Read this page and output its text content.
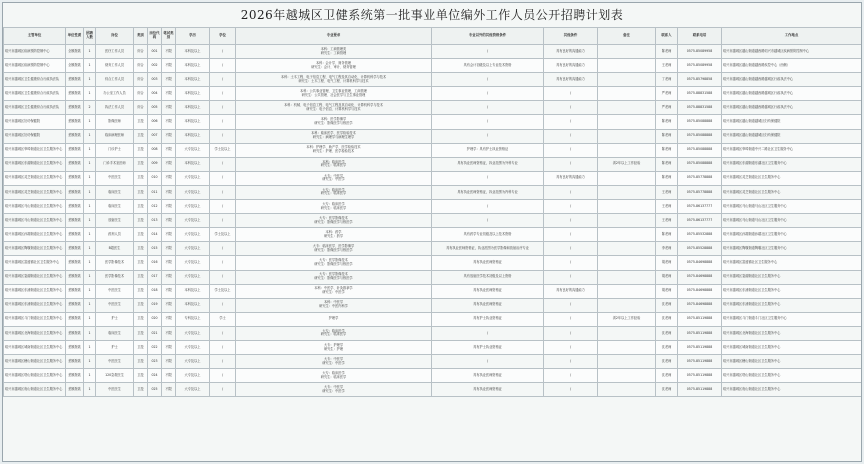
2026年越城区卫健系统第一批事业单位编外工作人员公开招聘计划表
主管单位	单位性质	招聘人数	岗位	类别	岗位代码	笔试类别	学历	学位	专业要求	专业以外的其他资格条件	其他条件	备注	联系人	联系电话	工作地点
绍兴市越城区疾病预防控制中心	全额拨款	1	医疗工作人员	综合	001	不限	本科及以上	/	本科：工商管理类
研究生：工商管理	/	具有良好的沟通能力		陈老师	0575-85089958	绍兴市越城区越山街道越西路绍兴市越城区疾病预防控制中心
绍兴市越城区疾病预防控制中心	全额拨款	1	财务工作人员	综合	002	不限	本科及以上	/	本科：会计学、财务管理
研究生：会计、审计、财务管理	具有会计初级及以上专业技术资格	具有良好的沟通能力		王老师	0575-85089958	绍兴市越城区越山街道越西路疾控中心（西侧）
绍兴市越城区卫生健康综合行政执法队	差额拨款	1	综合工作人员	综合	003	不限	本科及以上	/	本科：土木工程、电子信息工程、电气工程及其自动化、计算机科学与技术
研究生：土木工程、电气工程、计算机科学与技术	/	具有良好的沟通能力		丁老师	0575-85798858	绍兴市越城区越山街道越西路越城区行政执法中心
绍兴市越城区卫生健康综合行政执法队	差额拨款	1	办公室工作人员	综合	004	不限	本科及以上	/	本科：公共事业管理、卫生事业管理、工商管理
研究生：公共管理、社会医学与卫生事业管理	/	/		严老师	0575-88831588	绍兴市越城区越山街道越西路越城区行政执法中心
绍兴市越城区卫生健康综合行政执法队	差额拨款	2	执法工作人员	综合	005	不限	本科及以上	/	本科：机械、电子信息工程、电气工程及其自动化、计算机科学与技术
研究生：电子信息、计算机科学与技术	/	/		严老师	0575-88831588	绍兴市越城区越山街道越西路越城区行政执法中心
绍兴市越城区妇幼保健院	差额拨款	1	影像医师	卫技	006	不限	本科及以上	/	本科：医学影像学
研究生：影像医学与核医学	/	/		陈老师	0575-85088888	绍兴市越城区越山街道越城区妇幼保健院
绍兴市越城区妇幼保健院	差额拨款	1	临床病理医师	卫技	007	不限	本科及以上	/	本科：临床医学、医学检验技术
研究生：病理学与病理生理学	/	/		陈老师	0575-85088888	绍兴市越城区越山街道越城区妇幼保健院
绍兴市越城区皋埠街道社区卫生服务中心	差额拨款	1	门诊护士	卫技	008	不限	大专及以上	学士及以上	本科：护理学、助产学、医学检验技术
研究生：护理、医学检验技术	护理学：具有护士执业资格证	/		陈老师	0575-85088888	绍兴市越城区皋埠街道中兴二路社区卫生服务中心
绍兴市越城区东湖街道社区卫生服务中心	差额拨款	1	门诊手术室医师	卫技	009	不限	本科及以上	/	本科：临床医学
研究生：临床医学	具有执业医师资格证，执业范围为外科专业	/	须2年以上工作经验	陈老师	0575-85088888	绍兴市越城区东湖街道东湖社区卫生服务中心
绍兴市越城区灵芝街道社区卫生服务中心	差额拨款	1	中医医生	卫技	010	不限	大专及以上	/	大专：中医学
研究生：中医学	/	具有良好的沟通能力		陈老师	0575-85778888	绍兴市越城区灵芝街道社区卫生服务中心
绍兴市越城区灵芝街道社区卫生服务中心	差额拨款	1	临床医生	卫技	011	不限	大专及以上	/	大专：临床医学
研究生：临床医学	具有执业医师资格证，执业范围为内科专业	/		王老师	0575-85778888	绍兴市越城区灵芝街道社区卫生服务中心
绍兴市越城区马山街道社区卫生服务中心	差额拨款	1	临床医生	卫技	012	不限	大专及以上	/	大专：临床医学
研究生：临床医学	/	/		王老师	0575-86137777	绍兴市越城区马山街道马山社区卫生服务中心
绍兴市越城区马山街道社区卫生服务中心	差额拨款	1	放射医生	卫技	013	不限	大专及以上	/	大专：医学影像技术
研究生：影像医学与核医学	/	/		王老师	0575-86137777	绍兴市越城区马山街道马山社区卫生服务中心
绍兴市越城区孙端街道社区卫生服务中心	差额拨款	1	药剂人员	卫技	014	不限	大专及以上	学士及以上	本科：药学
研究生：药学	具有药学专业初级及以上技术资格	/		陈老师	0575-85532888	绍兴市越城区孙端街道孙端社区卫生服务中心
绍兴市越城区陶堰街道社区卫生服务中心	差额拨款	1	B超医生	卫技	015	不限	大专及以上	/	大专：临床医学、医学影像学
研究生：影像医学与核医学	具有执业医师资格证，执业范围为医学影像和放射治疗专业	/		李老师	0575-85528888	绍兴市越城区陶堰街道陶堰社区卫生服务中心
绍兴市越城区富盛镇社区卫生服务中心	差额拨款	1	医学影像技术	卫技	016	不限	大专及以上	/	大专：医学影像技术
研究生：影像医学与核医学	具有执业医师资格证	/		胡老师	0575-84698888	绍兴市越城区富盛镇社区卫生服务中心
绍兴市越城区鉴湖街道社区卫生服务中心	差额拨款	1	医学影像技术	卫技	017	不限	大专及以上	/	大专：医学影像技术
研究生：影像医学与核医学	具有放射医学技术初级及以上资格	/		胡老师	0575-84698888	绍兴市越城区鉴湖街道社区卫生服务中心
绍兴市越城区东浦街道社区卫生服务中心	差额拨款	1	中医医生	卫技	018	不限	本科及以上	学士及以上	本科：中医学、针灸推拿学
研究生：中医学	具有执业医师资格证	具有良好的沟通能力		胡老师	0575-84698888	绍兴市越城区东浦街道社区卫生服务中心
绍兴市越城区东浦街道社区卫生服务中心	差额拨款	1	中医医生	卫技	019	不限	本科及以上	/	本科：中医学
研究生：中医内科学	具有执业医师资格证	/		沈老师	0575-84698888	绍兴市越城区东浦街道社区卫生服务中心
绍兴市越城区斗门街道社区卫生服务中心	差额拨款	1	护士	卫技	020	不限	专科及以上	学士	护理学	具有护士执业资格证	/	须2年以上工作经验	沈老师	0575-85119888	绍兴市越城区斗门街道斗门社区卫生服务中心
绍兴市越城区北海街道社区卫生服务中心	差额拨款	1	临床医生	卫技	021	不限	大专及以上	/	大专：临床医学
研究生：临床医学	/	/		沈老师	0575-85119888	绍兴市越城区北海街道社区卫生服务中心
绍兴市越城区城南街道社区卫生服务中心	差额拨款	1	护士	卫技	022	不限	大专及以上	/	大专：护理学
研究生：护理	具有护士执业资格证	/		沈老师	0575-85119888	绍兴市越城区城南街道社区卫生服务中心
绍兴市越城区稽山街道社区卫生服务中心	差额拨款	1	中医医生	卫技	023	不限	大专及以上	/	大专：中医学
研究生：中医学	/	/		沈老师	0575-85119888	绍兴市越城区稽山街道社区卫生服务中心
绍兴市越城区塔山街道社区卫生服务中心	差额拨款	1	120急救医生	卫技	024	不限	大专及以上	/	大专：临床医学
研究生：临床医学	具有执业医师资格证	/		沈老师	0575-85119888	绍兴市越城区塔山街道社区卫生服务中心
绍兴市越城区府山街道社区卫生服务中心	差额拨款	1	中医医生	卫技	025	不限	大专及以上	/	大专：中医学
研究生：中医学	具有执业医师资格证	/		沈老师	0575-85119888	绍兴市越城区府山街道社区卫生服务中心
